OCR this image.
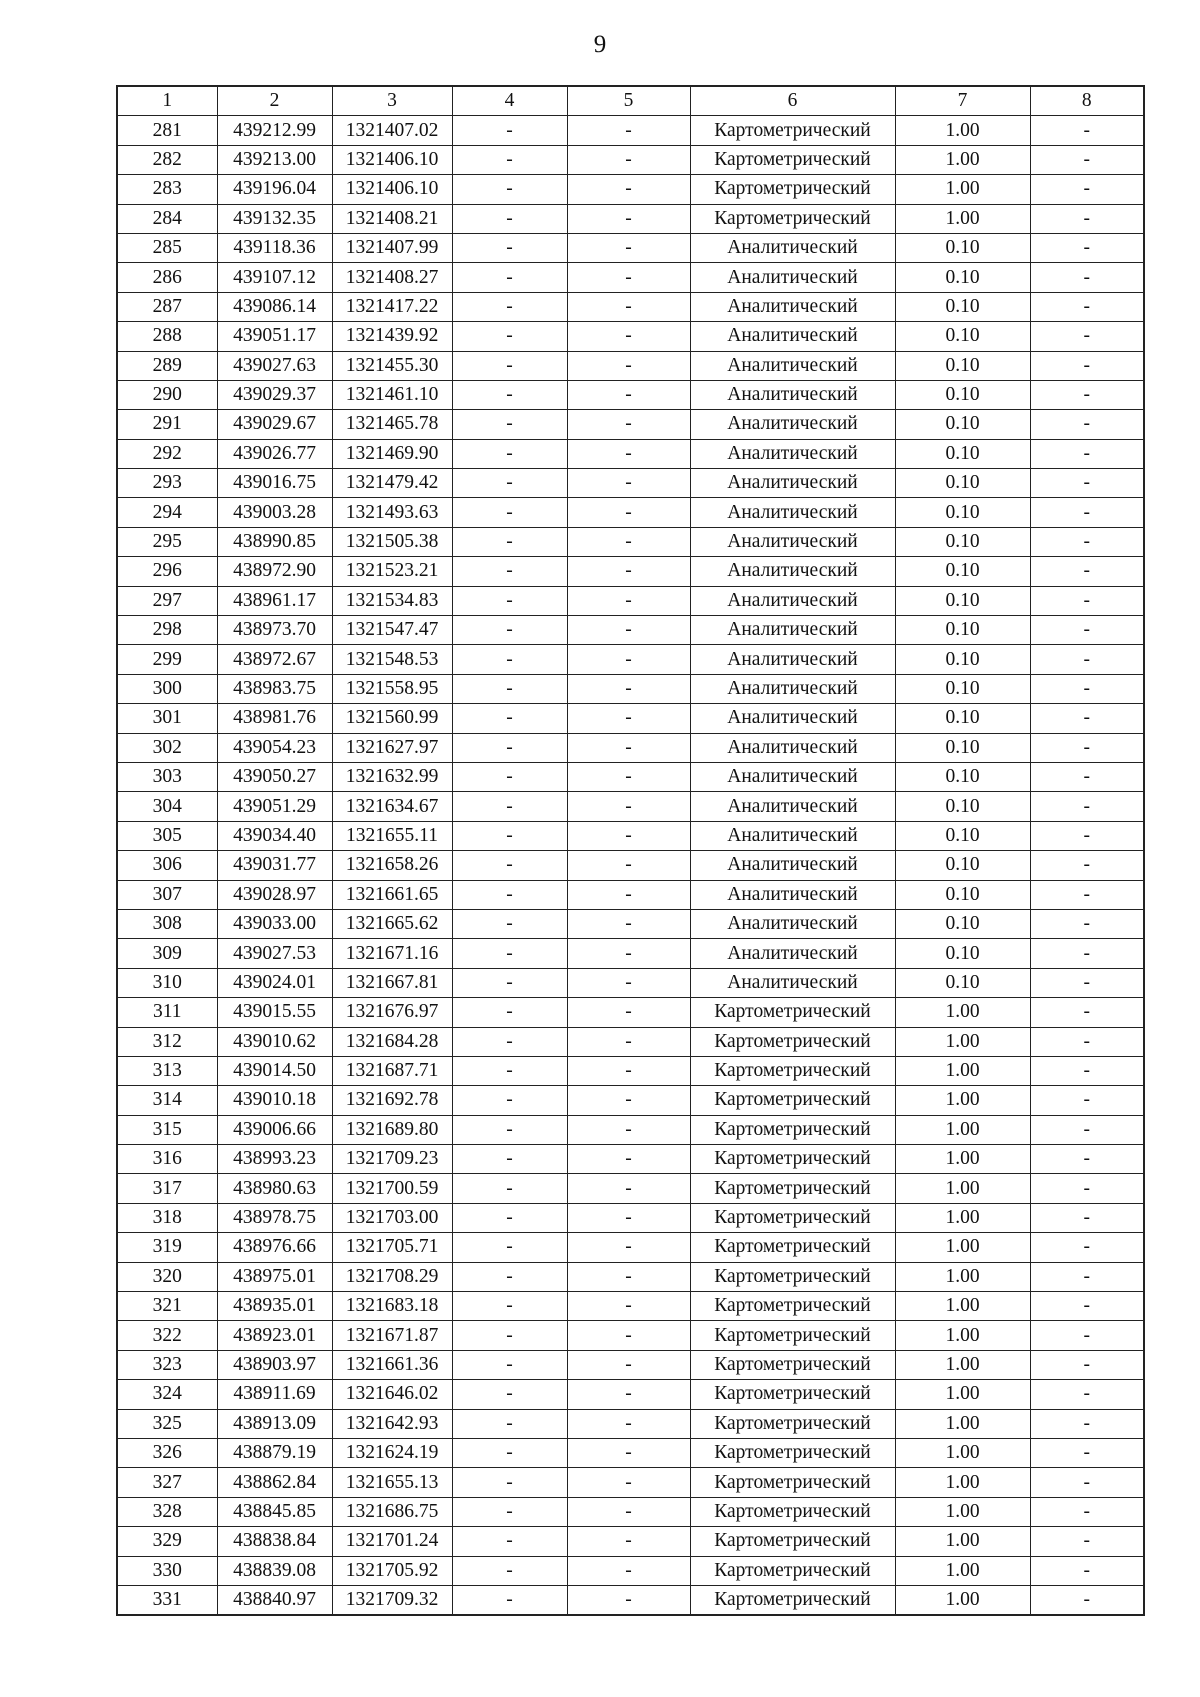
9
1	2	3	4	5	6	7	8
281	439212.99	1321407.02	-	-	Картометрический	1.00	-
282	439213.00	1321406.10	-	-	Картометрический	1.00	-
283	439196.04	1321406.10	-	-	Картометрический	1.00	-
284	439132.35	1321408.21	-	-	Картометрический	1.00	-
285	439118.36	1321407.99	-	-	Аналитический	0.10	-
286	439107.12	1321408.27	-	-	Аналитический	0.10	-
287	439086.14	1321417.22	-	-	Аналитический	0.10	-
288	439051.17	1321439.92	-	-	Аналитический	0.10	-
289	439027.63	1321455.30	-	-	Аналитический	0.10	-
290	439029.37	1321461.10	-	-	Аналитический	0.10	-
291	439029.67	1321465.78	-	-	Аналитический	0.10	-
292	439026.77	1321469.90	-	-	Аналитический	0.10	-
293	439016.75	1321479.42	-	-	Аналитический	0.10	-
294	439003.28	1321493.63	-	-	Аналитический	0.10	-
295	438990.85	1321505.38	-	-	Аналитический	0.10	-
296	438972.90	1321523.21	-	-	Аналитический	0.10	-
297	438961.17	1321534.83	-	-	Аналитический	0.10	-
298	438973.70	1321547.47	-	-	Аналитический	0.10	-
299	438972.67	1321548.53	-	-	Аналитический	0.10	-
300	438983.75	1321558.95	-	-	Аналитический	0.10	-
301	438981.76	1321560.99	-	-	Аналитический	0.10	-
302	439054.23	1321627.97	-	-	Аналитический	0.10	-
303	439050.27	1321632.99	-	-	Аналитический	0.10	-
304	439051.29	1321634.67	-	-	Аналитический	0.10	-
305	439034.40	1321655.11	-	-	Аналитический	0.10	-
306	439031.77	1321658.26	-	-	Аналитический	0.10	-
307	439028.97	1321661.65	-	-	Аналитический	0.10	-
308	439033.00	1321665.62	-	-	Аналитический	0.10	-
309	439027.53	1321671.16	-	-	Аналитический	0.10	-
310	439024.01	1321667.81	-	-	Аналитический	0.10	-
311	439015.55	1321676.97	-	-	Картометрический	1.00	-
312	439010.62	1321684.28	-	-	Картометрический	1.00	-
313	439014.50	1321687.71	-	-	Картометрический	1.00	-
314	439010.18	1321692.78	-	-	Картометрический	1.00	-
315	439006.66	1321689.80	-	-	Картометрический	1.00	-
316	438993.23	1321709.23	-	-	Картометрический	1.00	-
317	438980.63	1321700.59	-	-	Картометрический	1.00	-
318	438978.75	1321703.00	-	-	Картометрический	1.00	-
319	438976.66	1321705.71	-	-	Картометрический	1.00	-
320	438975.01	1321708.29	-	-	Картометрический	1.00	-
321	438935.01	1321683.18	-	-	Картометрический	1.00	-
322	438923.01	1321671.87	-	-	Картометрический	1.00	-
323	438903.97	1321661.36	-	-	Картометрический	1.00	-
324	438911.69	1321646.02	-	-	Картометрический	1.00	-
325	438913.09	1321642.93	-	-	Картометрический	1.00	-
326	438879.19	1321624.19	-	-	Картометрический	1.00	-
327	438862.84	1321655.13	-	-	Картометрический	1.00	-
328	438845.85	1321686.75	-	-	Картометрический	1.00	-
329	438838.84	1321701.24	-	-	Картометрический	1.00	-
330	438839.08	1321705.92	-	-	Картометрический	1.00	-
331	438840.97	1321709.32	-	-	Картометрический	1.00	-
